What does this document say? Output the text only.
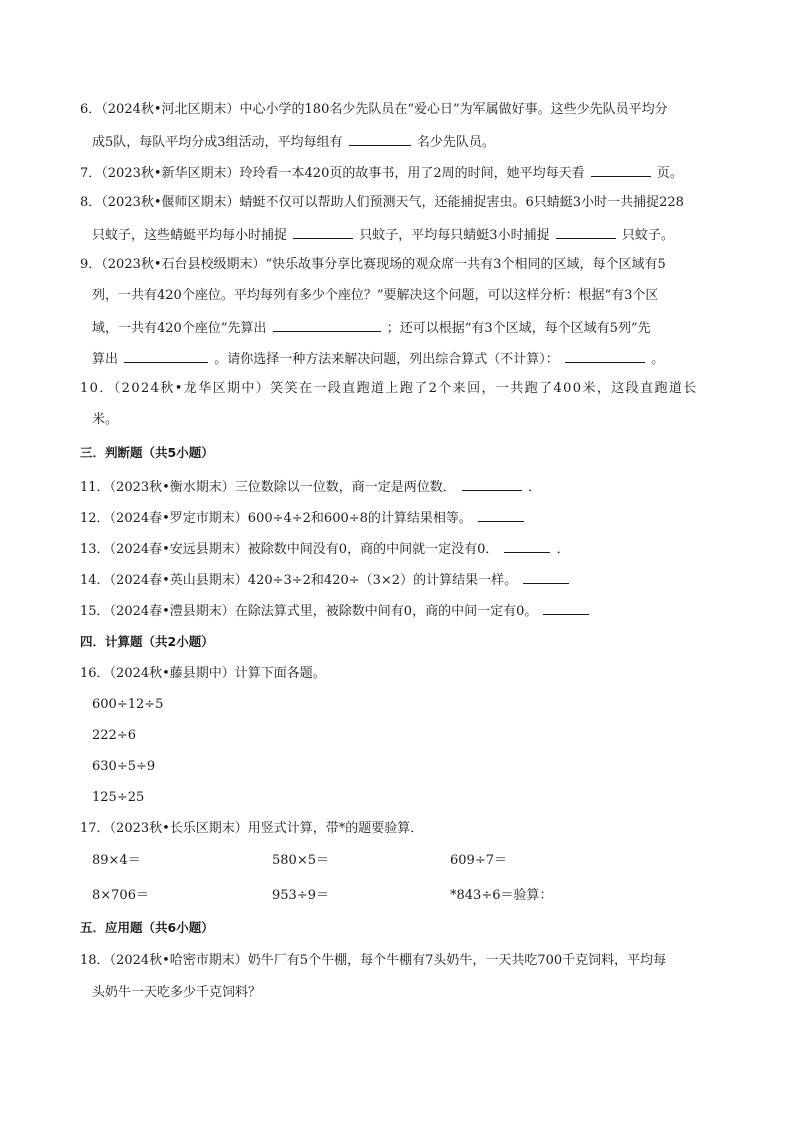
6．（2024秋•河北区期末）中心小学的180名少先队员在“爱心日”为军属做好事。这些少先队员平均分
成5队，每队平均分成3组活动，平均每组有	名少先队员。
7．（2023秋•新华区期末）玲玲看一本420页的故事书，用了2周的时间，她平均每天看	页。
8．（2023秋•偃师区期末）蜻蜓不仅可以帮助人们预测天气，还能捕捉害虫。6只蜻蜓3小时一共捕捉228
只蚊子，这些蜻蜓平均每小时捕捉	只蚊子，平均每只蜻蜓3小时捕捉	只蚊子。
9．（2023秋•石台县校级期末）“快乐故事分享比赛现场的观众席一共有3个相同的区域，每个区域有5
列，一共有420个座位。平均每列有多少个座位？”要解决这个问题，可以这样分析：根据“有3个区
域，一共有420个座位”先算出	；还可以根据“有3个区域，每个区域有5列”先
算出	。请你选择一种方法来解决问题，列出综合算式（不计算）：	。
10．（2024秋•龙华区期中）笑笑在一段直跑道上跑了2个来回，一共跑了400米，这段直跑道长
米。
三．判断题（共5小题）
11．（2023秋•衡水期末）三位数除以一位数，商一定是两位数．	．
12．（2024春•罗定市期末）600÷4÷2和600÷8的计算结果相等。
13．（2024春•安远县期末）被除数中间没有0，商的中间就一定没有0．	．
14．（2024春•英山县期末）420÷3÷2和420÷（3×2）的计算结果一样。
15．（2024春•澧县期末）在除法算式里，被除数中间有0，商的中间一定有0。
四．计算题（共2小题）
16．（2024秋•藤县期中）计算下面各题。
600÷12÷5
222÷6
630÷5÷9
125÷25
17．（2023秋•长乐区期末）用竖式计算，带*的题要验算．
89×4＝	580×5＝	609÷7＝
8×706＝	953÷9＝	*843÷6＝验算：
五．应用题（共6小题）
18．（2024秋•哈密市期末）奶牛厂有5个牛棚，每个牛棚有7头奶牛，一天共吃700千克饲料，平均每
头奶牛一天吃多少千克饲料？
